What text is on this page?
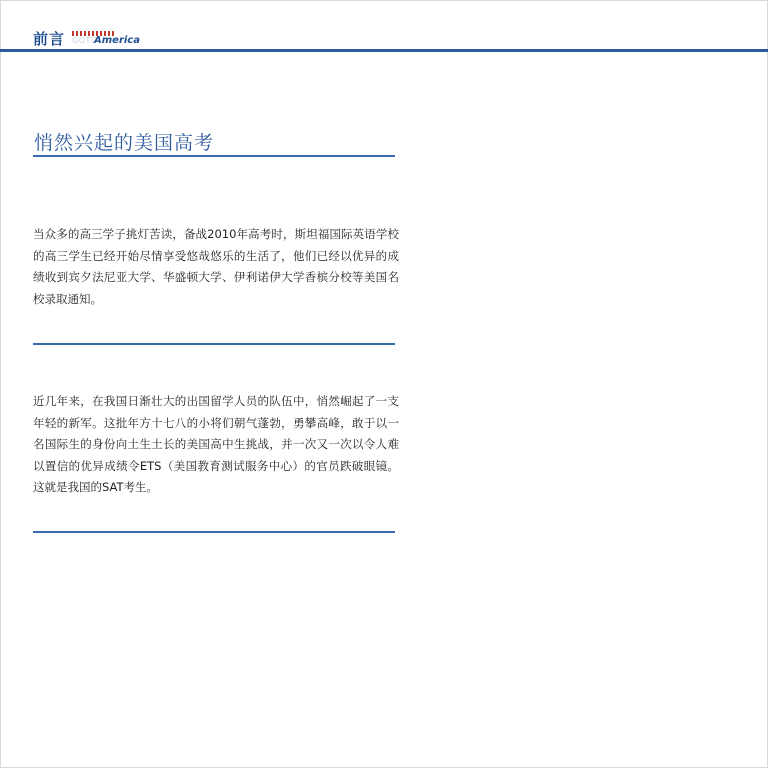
前言 GOTO
America
悄然兴起的美国高考
当众多的高三学子挑灯苦读，备战2010年高考时，斯坦福国际英语学校的高三学生已经开始尽情享受悠哉悠乐的生活了，他们已经以优异的成绩收到宾夕法尼亚大学、华盛顿大学、伊利诺伊大学香槟分校等美国名校录取通知。
近几年来，在我国日渐壮大的出国留学人员的队伍中，悄然崛起了一支年轻的新军。这批年方十七八的小将们朝气蓬勃，勇攀高峰，敢于以一名国际生的身份向土生土长的美国高中生挑战，并一次又一次以令人难以置信的优异成绩令ETS（美国教育测试服务中心）的官员跌破眼镜。这就是我国的SAT考生。
